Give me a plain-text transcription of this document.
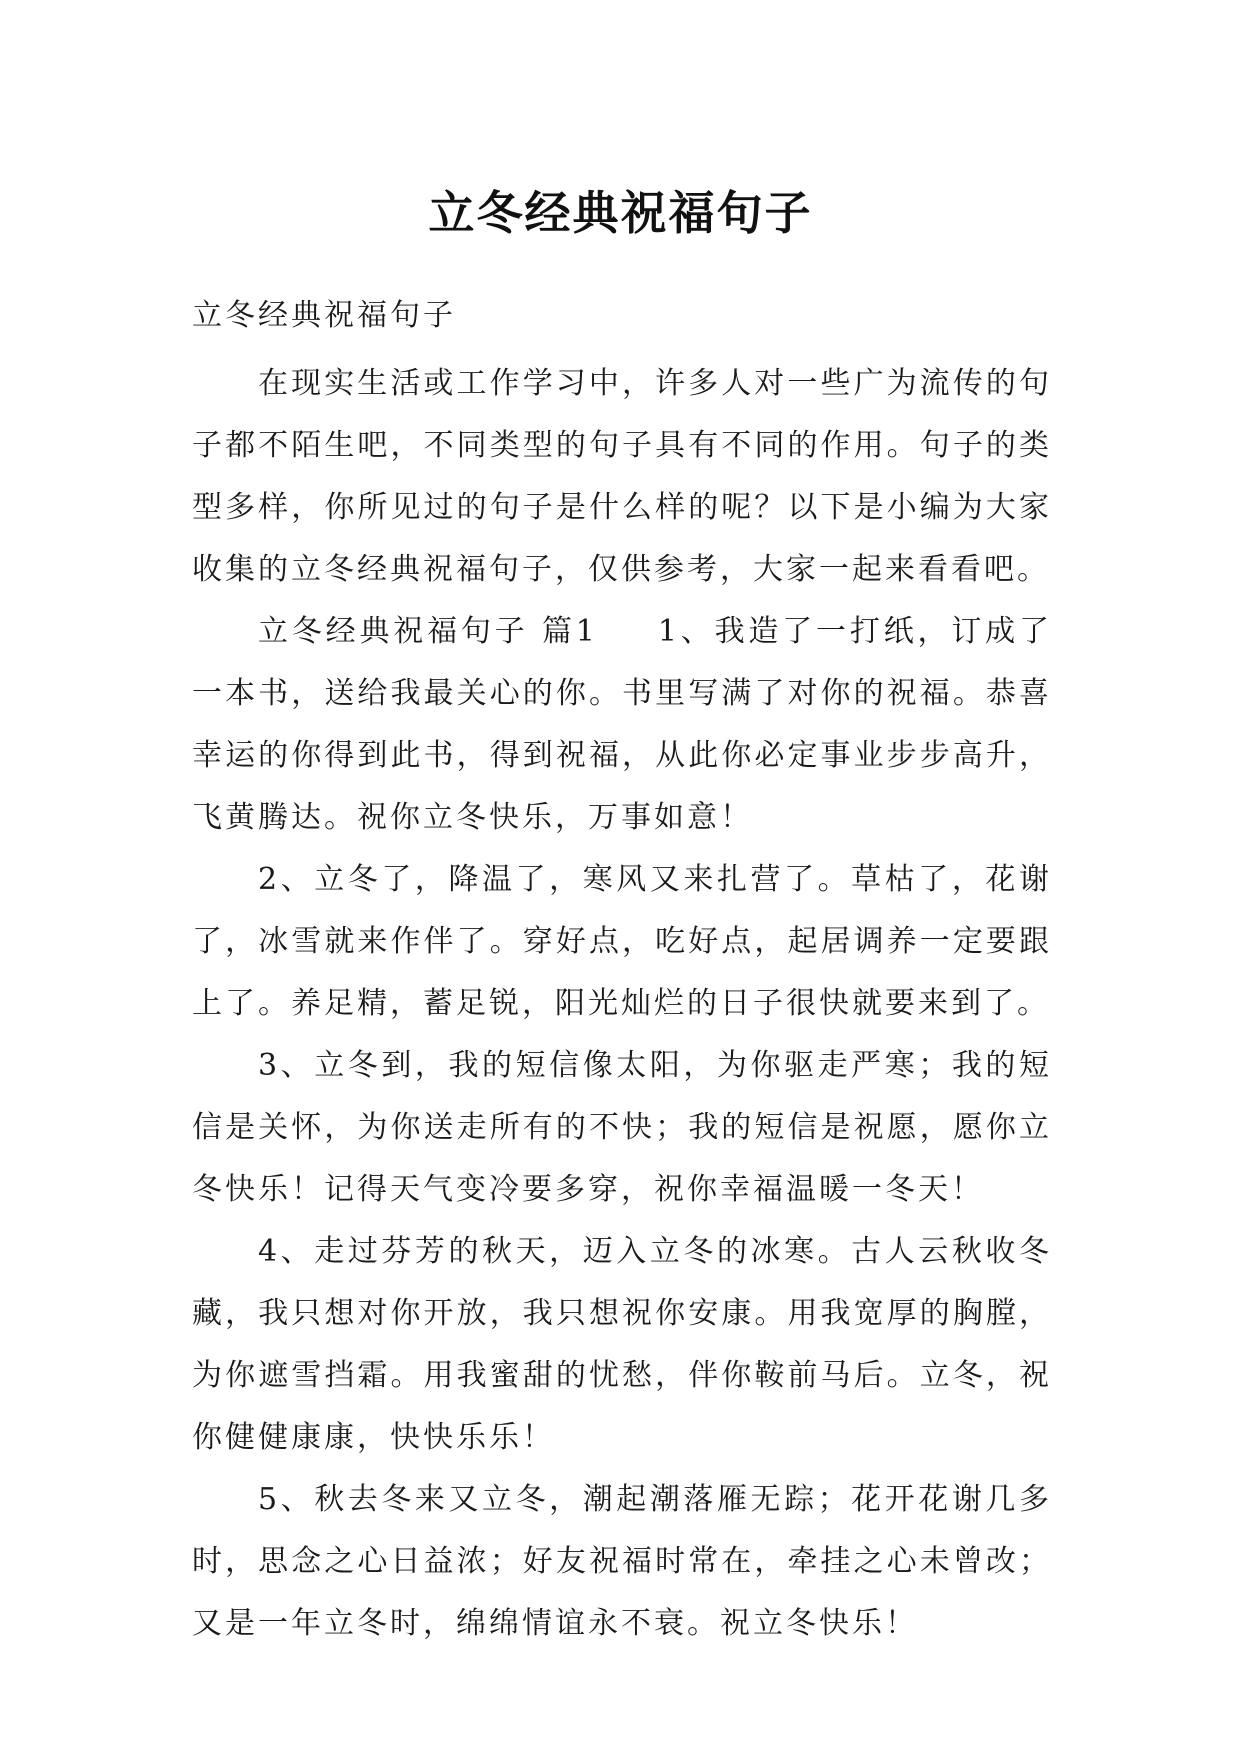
立冬经典祝福句子

立冬经典祝福句子

在现实生活或工作学习中，许多人对一些广为流传的句子都不陌生吧，不同类型的句子具有不同的作用。句子的类型多样，你所见过的句子是什么样的呢？以下是小编为大家收集的立冬经典祝福句子，仅供参考，大家一起来看看吧。

立冬经典祝福句子 篇1 1、我造了一打纸，订成了一本书，送给我最关心的你。书里写满了对你的祝福。恭喜幸运的你得到此书，得到祝福，从此你必定事业步步高升，飞黄腾达。祝你立冬快乐，万事如意！

2、立冬了，降温了，寒风又来扎营了。草枯了，花谢了，冰雪就来作伴了。穿好点，吃好点，起居调养一定要跟上了。养足精，蓄足锐，阳光灿烂的日子很快就要来到了。

3、立冬到，我的短信像太阳，为你驱走严寒；我的短信是关怀，为你送走所有的不快；我的短信是祝愿，愿你立冬快乐！记得天气变冷要多穿，祝你幸福温暖一冬天！

4、走过芬芳的秋天，迈入立冬的冰寒。古人云秋收冬藏，我只想对你开放，我只想祝你安康。用我宽厚的胸膛，为你遮雪挡霜。用我蜜甜的忧愁，伴你鞍前马后。立冬，祝你健健康康，快快乐乐！

5、秋去冬来又立冬，潮起潮落雁无踪；花开花谢几多时，思念之心日益浓；好友祝福时常在，牵挂之心未曾改；又是一年立冬时，绵绵情谊永不衰。祝立冬快乐！
